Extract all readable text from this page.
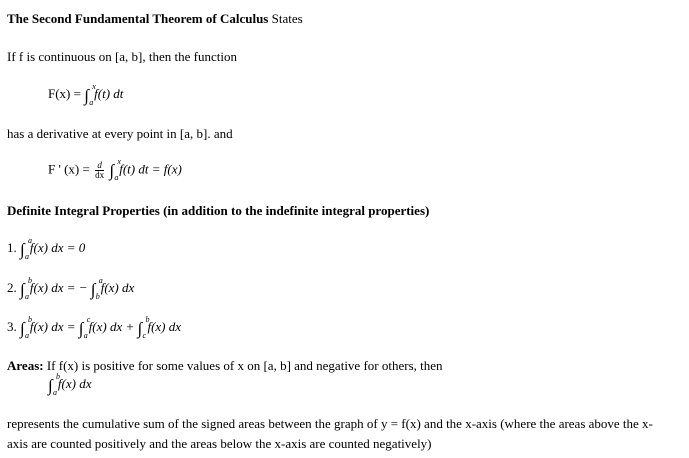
The Second Fundamental Theorem of Calculus States
If f is continuous on [a, b], then the function
F(x) = ∫ x
a
f(t) dt
has a derivative at every point in [a, b]. and
F ' $(x) = \frac{d}{dx}$ ∫ x
a
f(t) dt = f(x)
Definite Integral Properties (in addition to the indefinite integral properties)
1. ∫ a
a
f(x) dx = 0
2. ∫ b
a
f(x) dx = − ∫ a
b
f(x) dx
3. ∫ b
a
f(x) dx = ∫ c
a
f(x) dx + ∫ b
c
f(x) dx
Areas: If f(x) is positive for some values of x on [a, b] and negative for others, then
∫ b
a
f(x) dx
represents the cumulative sum of the signed areas between the graph of y = f(x) and the x-axis (where the areas above the x-
axis are counted positively and the areas below the x-axis are counted negatively)
